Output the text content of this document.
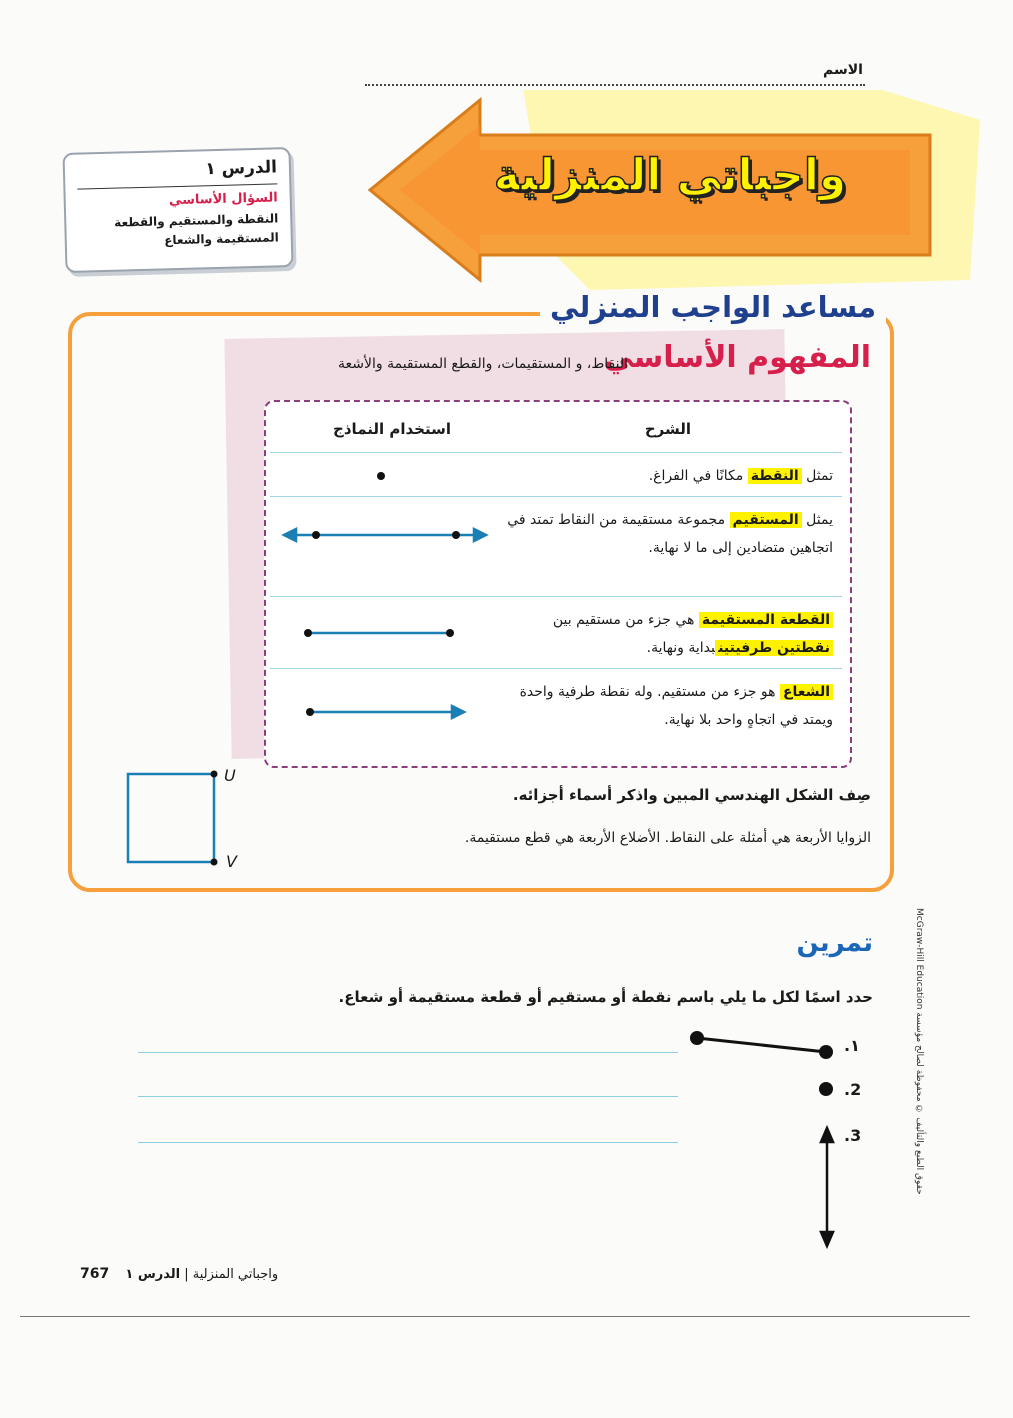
الاسم
واجباتي المنزلية
الدرس ١
السؤال الأساسي
النقطة والمستقيم والقطعة
المستقيمة والشعاع
مساعد الواجب المنزلي
المفهوم الأساسي
النقاط، و المستقيمات، والقطع المستقيمة والأشعة
الشرح
استخدام النماذج
تمثل النقطة مكانًا في الفراغ.
يمثل المستقيم مجموعة مستقيمة من النقاط تمتد في اتجاهين متضادين إلى ما لا نهاية.
القطعة المستقيمة هي جزء من مستقيم بين نقطتين طرفيتينبداية ونهاية.
الشعاع هو جزء من مستقيم. وله نقطة طرفية واحدة ويمتد في اتجاهٍ واحد بلا نهاية.
U
V
صِف الشكل الهندسي المبين واذكر أسماء أجزائه.
الزوايا الأربعة هي أمثلة على النقاط. الأضلاع الأربعة هي قطع مستقيمة.
تمرين
حدد اسمًا لكل ما يلي باسم نقطة أو مستقيم أو قطعة مستقيمة أو شعاع.
١.
2.
3.
حقوق الطبع والتأليف © محفوظة لصالح مؤسسة McGraw-Hill Education
767	واجباتي المنزلية | الدرس ١
